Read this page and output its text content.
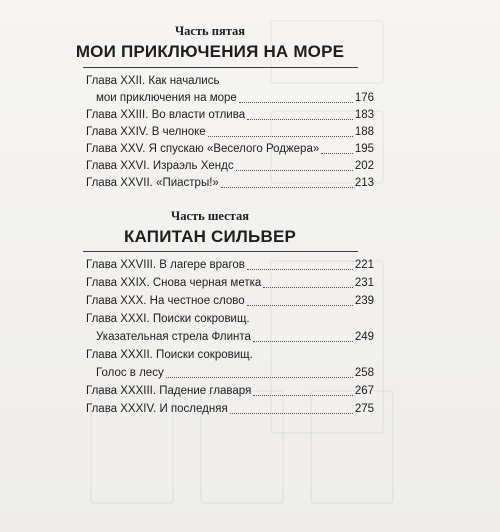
Часть пятая
МОИ ПРИКЛЮЧЕНИЯ НА МОРЕ
Глава XXII. Как начались
мои приключения на море	176
Глава XXIII. Во власти отлива	183
Глава XXIV. В челноке	188
Глава XXV. Я спускаю «Веселого Роджера»	195
Глава XXVI. Израэль Хендс	202
Глава XXVII. «Пиастры!»	213
Часть шестая
КАПИТАН СИЛЬВЕР
Глава XXVIII. В лагере врагов	221
Глава XXIX. Снова черная метка	231
Глава XXX. На честное слово	239
Глава XXXI. Поиски сокровищ.
Указательная стрела Флинта	249
Глава XXXII. Поиски сокровищ.
Голос в лесу	258
Глава XXXIII. Падение главаря	267
Глава XXXIV. И последняя	275
